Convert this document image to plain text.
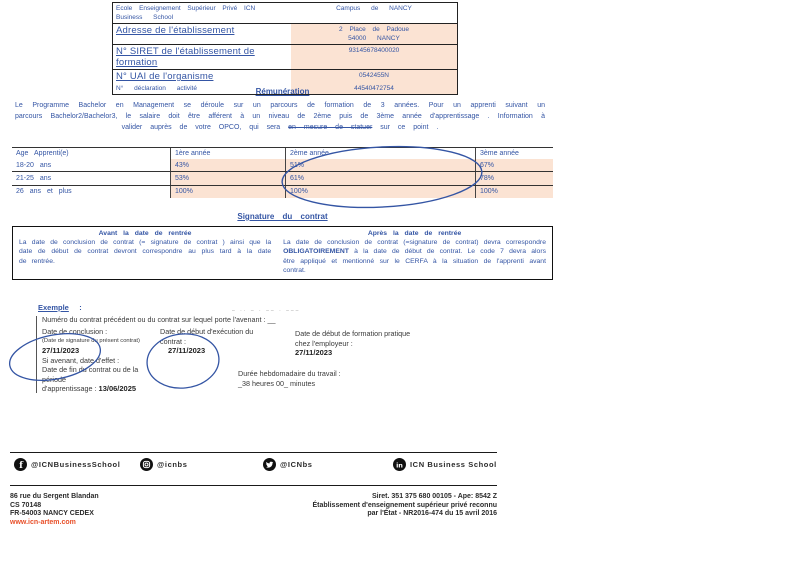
Ecole Enseignement Supérieur Privé ICN
Business School
Campus de NANCY
Adresse de l'établissement	2 Place de Padoue
54000 NANCY
N° SIRET de l'établissement de formation
93145678400020
N° UAI de l'organisme	0542455N
N° déclaration activité	44540472754
Rémunération
Le Programme Bachelor en Management se déroule sur un parcours de formation de 3 années. Pour un apprenti suivant un parcours Bachelor2/Bachelor3, le salaire doit être afférent à un niveau de 2ème puis de 3ème année d'apprentissage . Information à valider auprès de votre OPCO, qui sera en mesure de statuer sur ce point .
Age Apprenti(e)	1ère année	2ème année	3ème année
18-20 ans	43%	51%	67%
21-25 ans	53%	61%	78%
26 ans et plus	100%	100%	100%
Signature du contrat
Avant la date de rentrée
La date de conclusion de contrat (= signature de contrat ) ainsi que la date de début de contrat devront correspondre au plus tard à la date de rentrée.
Après la date de rentrée
La date de conclusion de contrat (=signature de contrat) devra correspondre OBLIGATOIREMENT à la date de début de contrat. Le code 7 devra alors être appliqué et mentionné sur le CERFA à la situation de l'apprenti avant contrat.
Exemple :	– ·· – · –– · –––
Numéro du contrat précédent ou du contrat sur lequel porte l'avenant : __
Date de conclusion :
(Date de signature du présent contrat)
27/11/2023
Si avenant, date d'effet :
Date de fin du contrat ou de la période
d'apprentissage : 13/06/2025
Date de début d'exécution du
contrat :
27/11/2023
Date de début de formation pratique
chez l'employeur :
27/11/2023
Durée hebdomadaire du travail :
_38 heures 00_ minutes
f @ICNBusinessSchool	@icnbs	@ICNbs	in ICN Business School
86 rue du Sergent Blandan
CS 70148
FR-54003 NANCY CEDEX
www.icn-artem.com
Siret. 351 375 680 00105 - Ape: 8542 Z
Établissement d'enseignement supérieur privé reconnu
par l'État - NR2016-474 du 15 avril 2016
